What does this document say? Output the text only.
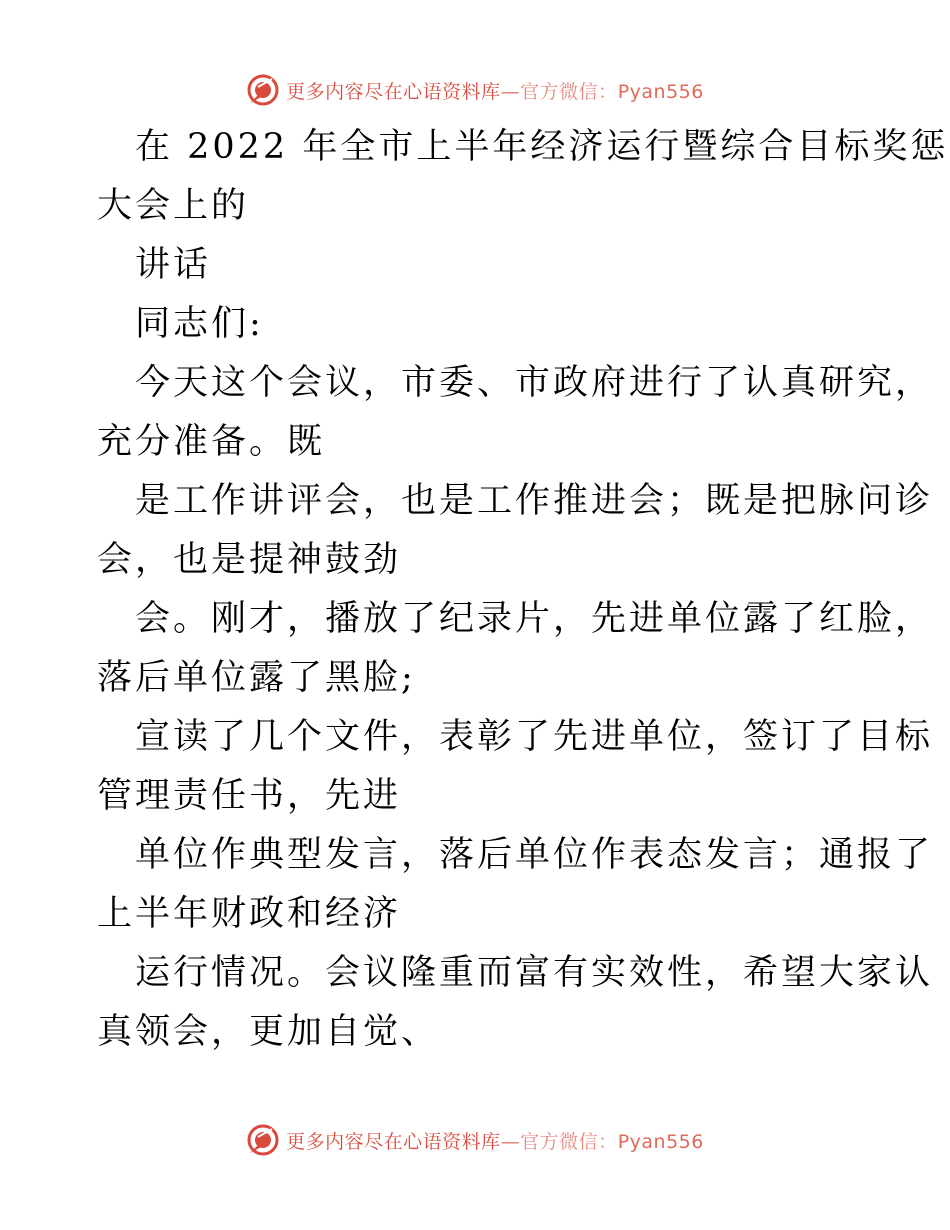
更多内容尽在心语资料库—官方微信：Pyan556
在 2022 年全市上半年经济运行暨综合目标奖惩
大会上的
讲话
同志们:
今天这个会议，市委、市政府进行了认真研究，
充分准备。既
是工作讲评会，也是工作推进会；既是把脉问诊
会，也是提神鼓劲
会。刚才，播放了纪录片，先进单位露了红脸，
落后单位露了黑脸;
宣读了几个文件，表彰了先进单位，签订了目标
管理责任书，先进
单位作典型发言，落后单位作表态发言；通报了
上半年财政和经济
运行情况。会议隆重而富有实效性，希望大家认
真领会，更加自觉、
更多内容尽在心语资料库—官方微信：Pyan556
